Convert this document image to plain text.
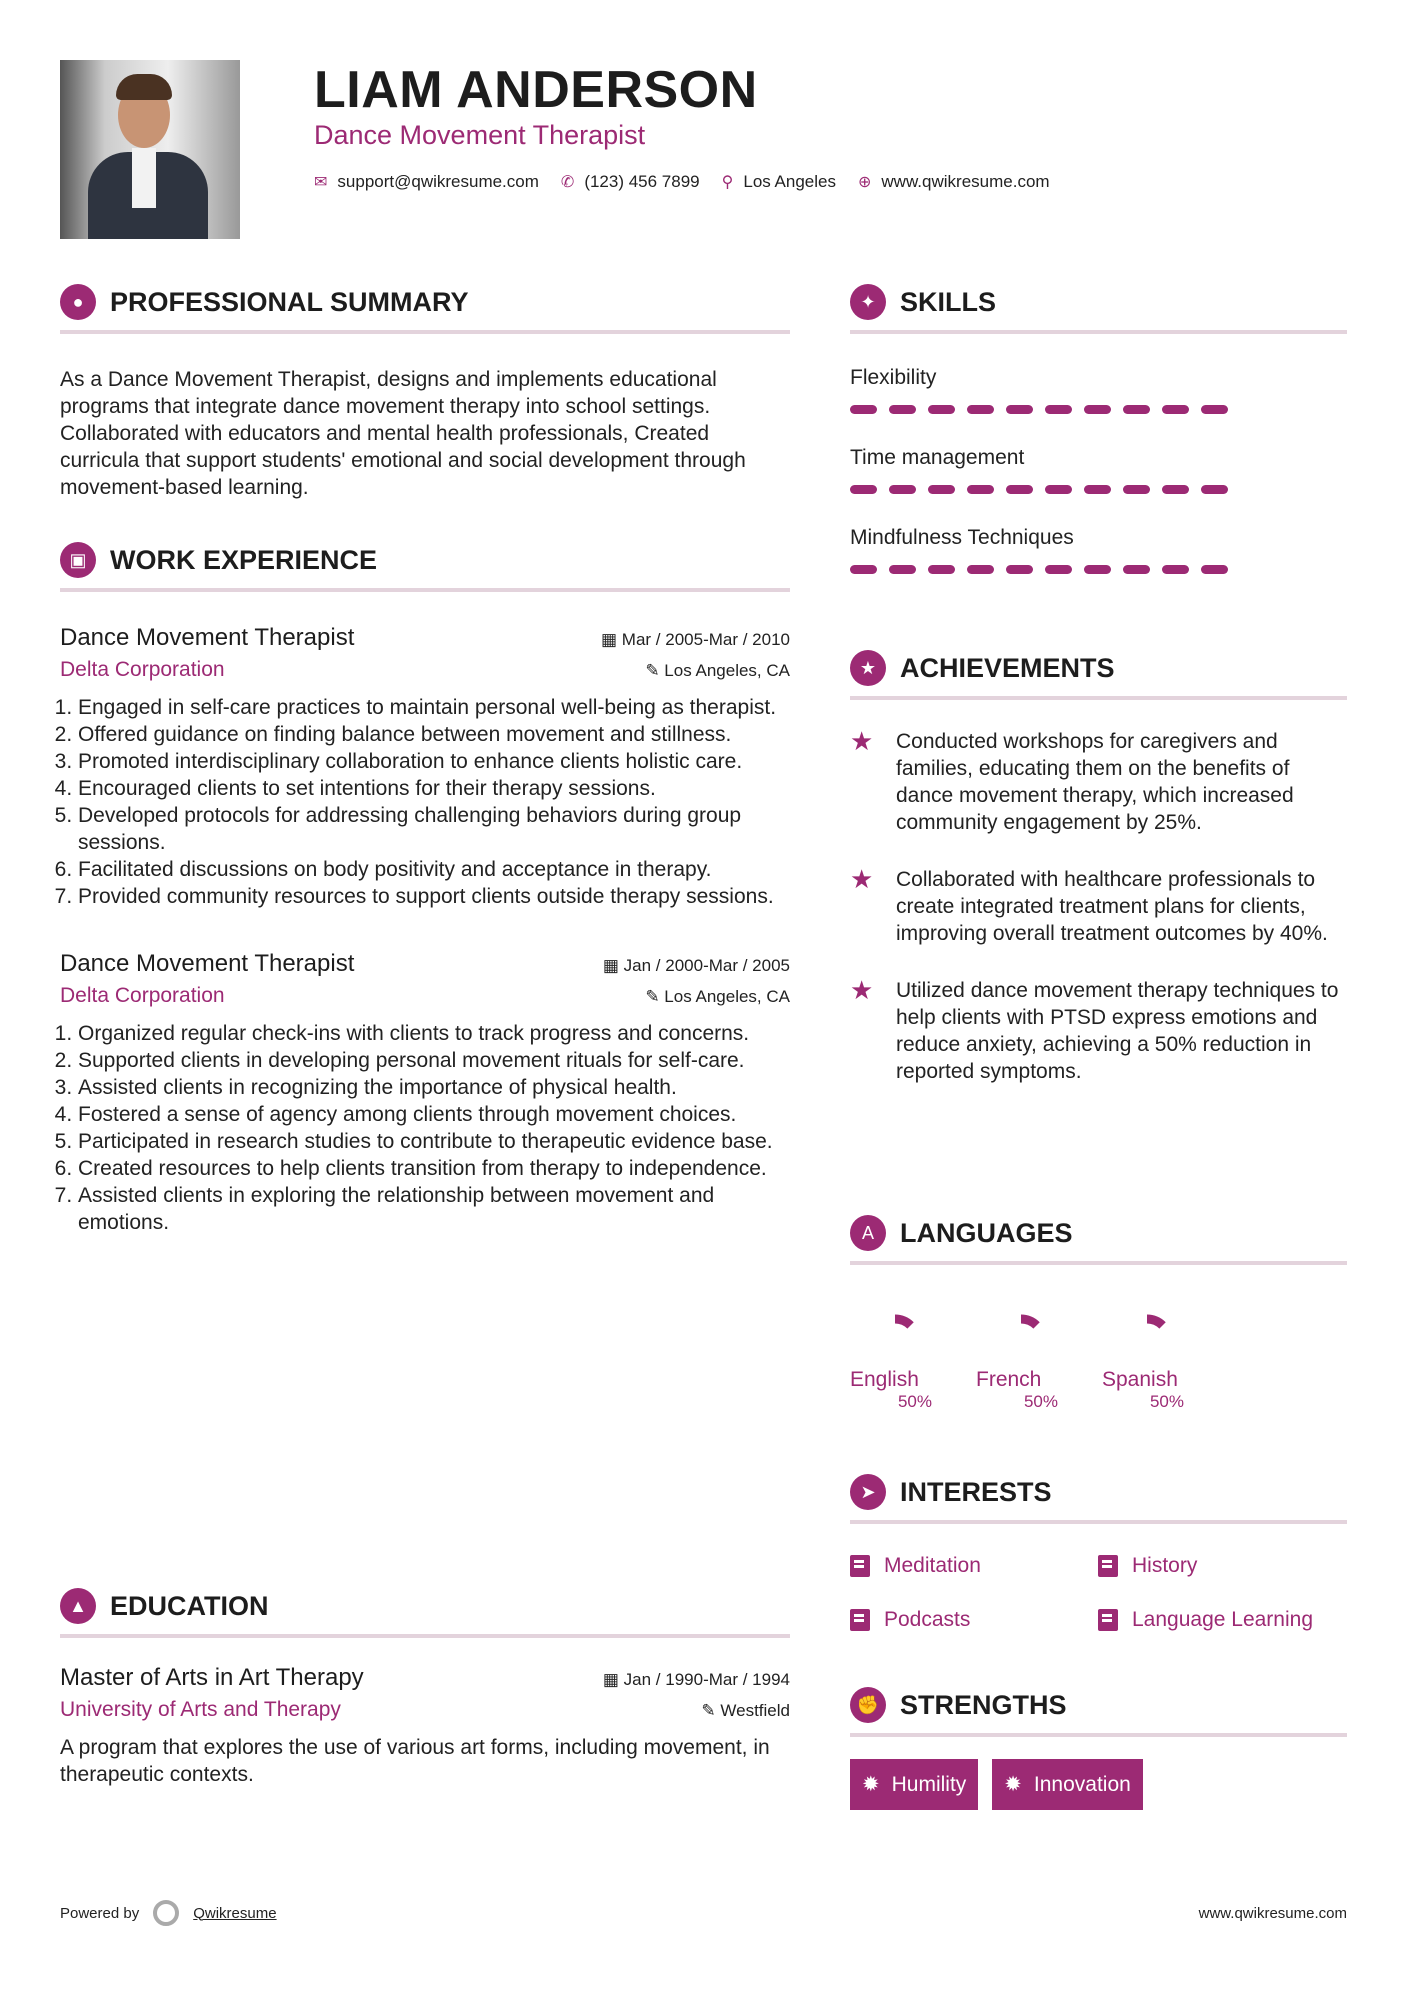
LIAM ANDERSON
Dance Movement Therapist
✉ support@qwikresume.com ✆ (123) 456 7899 ⚲ Los Angeles ⊕ www.qwikresume.com
● PROFESSIONAL SUMMARY

As a Dance Movement Therapist, designs and implements educational programs that integrate dance movement therapy into school settings. Collaborated with educators and mental health professionals, Created curricula that support students' emotional and social development through movement-based learning.

▣ WORK EXPERIENCE
Dance Movement Therapist	▦ Mar / 2005-Mar / 2010
Delta Corporation	✎ Los Angeles, CA
1. Engaged in self-care practices to maintain personal well-being as therapist.
2. Offered guidance on finding balance between movement and stillness.
3. Promoted interdisciplinary collaboration to enhance clients holistic care.
4. Encouraged clients to set intentions for their therapy sessions.
5. Developed protocols for addressing challenging behaviors during group sessions.
6. Facilitated discussions on body positivity and acceptance in therapy.
7. Provided community resources to support clients outside therapy sessions.
Dance Movement Therapist	▦ Jan / 2000-Mar / 2005
Delta Corporation	✎ Los Angeles, CA
1. Organized regular check-ins with clients to track progress and concerns.
2. Supported clients in developing personal movement rituals for self-care.
3. Assisted clients in recognizing the importance of physical health.
4. Fostered a sense of agency among clients through movement choices.
5. Participated in research studies to contribute to therapeutic evidence base.
6. Created resources to help clients transition from therapy to independence.
7. Assisted clients in exploring the relationship between movement and emotions.
▲ EDUCATION
Master of Arts in Art Therapy	▦ Jan / 1990-Mar / 1994
University of Arts and Therapy	✎ Westfield

A program that explores the use of various art forms, including movement, in therapeutic contexts.

✦ SKILLS
Flexibility
Time management
Mindfulness Techniques
★ ACHIEVEMENTS
★	Conducted workshops for caregivers and families, educating them on the benefits of dance movement therapy, which increased community engagement by 25%.
★	Collaborated with healthcare professionals to create integrated treatment plans for clients, improving overall treatment outcomes by 40%.
★	Utilized dance movement therapy techniques to help clients with PTSD express emotions and reduce anxiety, achieving a 50% reduction in reported symptoms.
A LANGUAGES
English
50%
French
50%
Spanish
50%
➤ INTERESTS
Meditation	History
Podcasts	Language Learning
✊ STRENGTHS
✹ Humility ✹ Innovation
Powered by	Qwikresume	www.qwikresume.com
